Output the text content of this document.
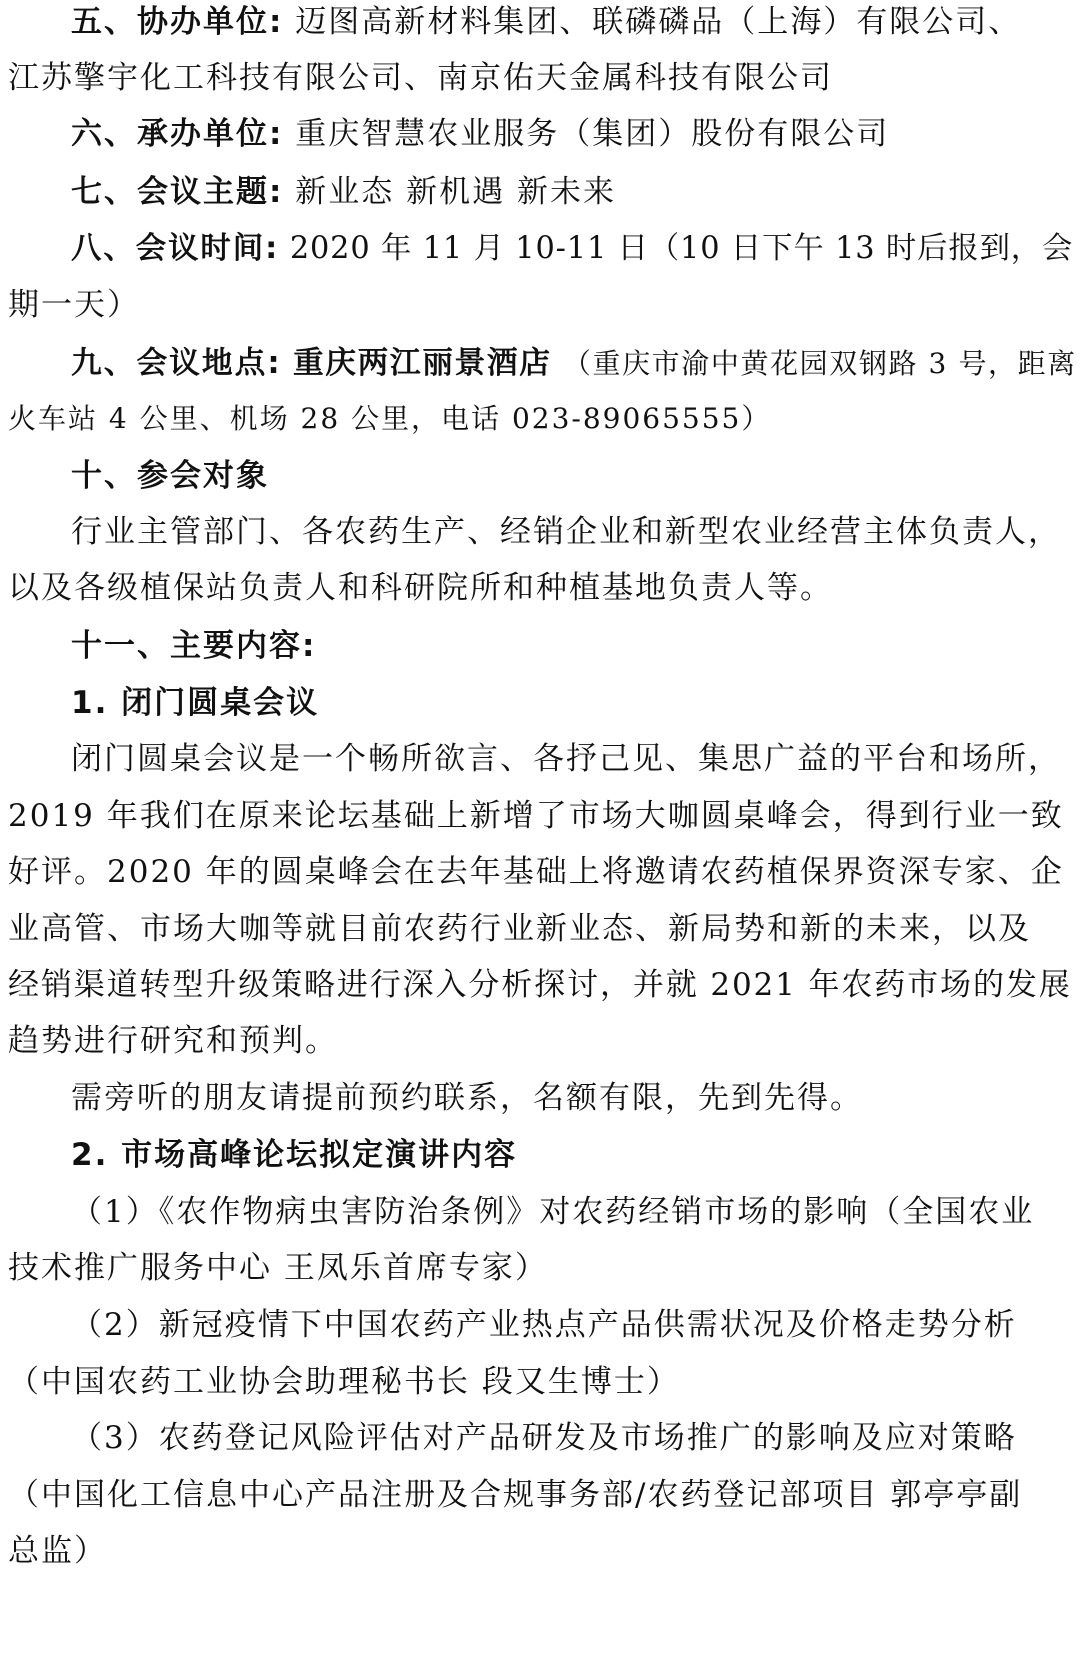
五、协办单位: 迈图高新材料集团、联磷磷品（上海）有限公司、
江苏擎宇化工科技有限公司、南京佑天金属科技有限公司
六、承办单位: 重庆智慧农业服务（集团）股份有限公司
七、会议主题: 新业态 新机遇 新未来
八、会议时间: 2020 年 11 月 10-11 日（10 日下午 13 时后报到，会
期一天）
九、会议地点: 重庆两江丽景酒店 （重庆市渝中黄花园双钢路 3 号，距离
火车站 4 公里、机场 28 公里，电话 023-89065555）
十、参会对象
行业主管部门、各农药生产、经销企业和新型农业经营主体负责人，
以及各级植保站负责人和科研院所和种植基地负责人等。
十一、主要内容:
1. 闭门圆桌会议
闭门圆桌会议是一个畅所欲言、各抒己见、集思广益的平台和场所，
2019 年我们在原来论坛基础上新增了市场大咖圆桌峰会，得到行业一致
好评。2020 年的圆桌峰会在去年基础上将邀请农药植保界资深专家、企
业高管、市场大咖等就目前农药行业新业态、新局势和新的未来，以及
经销渠道转型升级策略进行深入分析探讨，并就 2021 年农药市场的发展
趋势进行研究和预判。
需旁听的朋友请提前预约联系，名额有限，先到先得。
2. 市场高峰论坛拟定演讲内容
（1）《农作物病虫害防治条例》对农药经销市场的影响（全国农业
技术推广服务中心 王凤乐首席专家）
（2）新冠疫情下中国农药产业热点产品供需状况及价格走势分析
（中国农药工业协会助理秘书长 段又生博士）
（3）农药登记风险评估对产品研发及市场推广的影响及应对策略
（中国化工信息中心产品注册及合规事务部/农药登记部项目 郭亭亭副
总监）
